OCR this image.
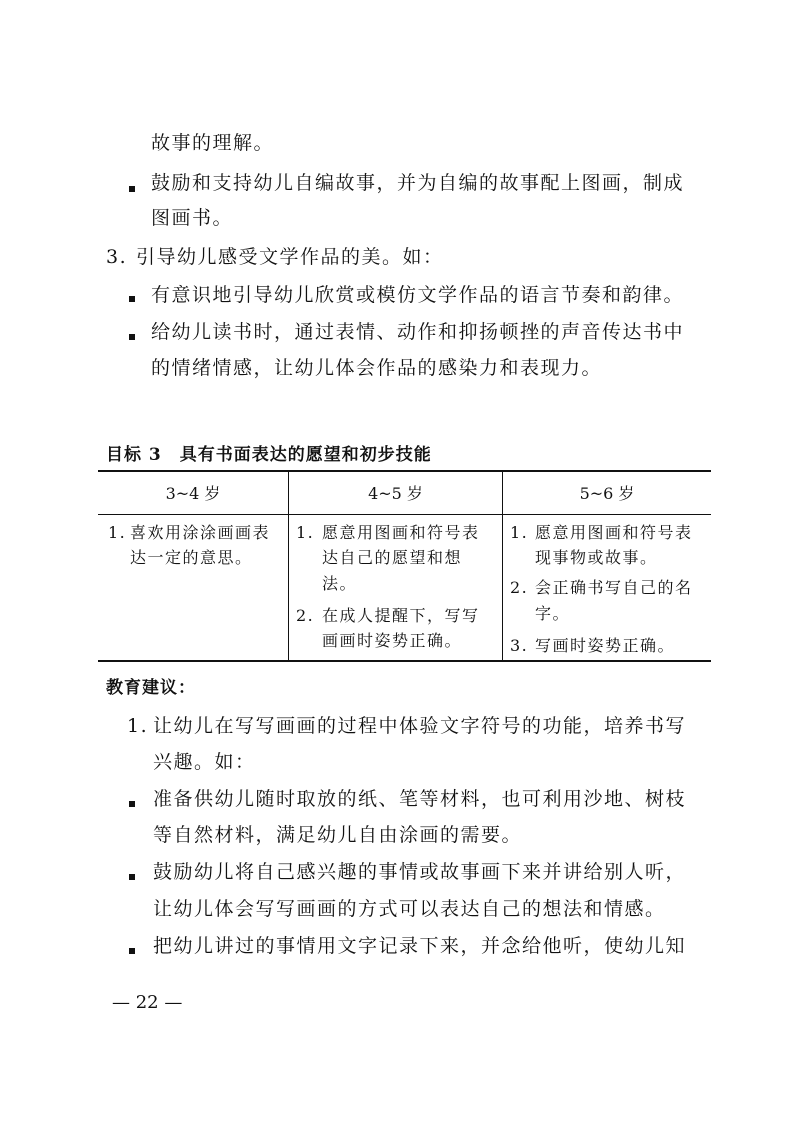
故事的理解。
鼓励和支持幼儿自编故事，并为自编的故事配上图画，制成
图画书。
3. 引导幼儿感受文学作品的美。如：
有意识地引导幼儿欣赏或模仿文学作品的语言节奏和韵律。
给幼儿读书时，通过表情、动作和抑扬顿挫的声音传达书中
的情绪情感，让幼儿体会作品的感染力和表现力。
目标 3　具有书面表达的愿望和初步技能
3~4 岁	4~5 岁	5~6 岁
1. 喜欢用涂涂画画表
达一定的意思。
1. 愿意用图画和符号表
达自己的愿望和想
法。
2. 在成人提醒下，写写
画画时姿势正确。
1. 愿意用图画和符号表
现事物或故事。
2. 会正确书写自己的名
字。
3. 写画时姿势正确。
教育建议：
1. 让幼儿在写写画画的过程中体验文字符号的功能，培养书写
兴趣。如：
准备供幼儿随时取放的纸、笔等材料，也可利用沙地、树枝
等自然材料，满足幼儿自由涂画的需要。
鼓励幼儿将自己感兴趣的事情或故事画下来并讲给别人听，
让幼儿体会写写画画的方式可以表达自己的想法和情感。
把幼儿讲过的事情用文字记录下来，并念给他听，使幼儿知
— 22 —
